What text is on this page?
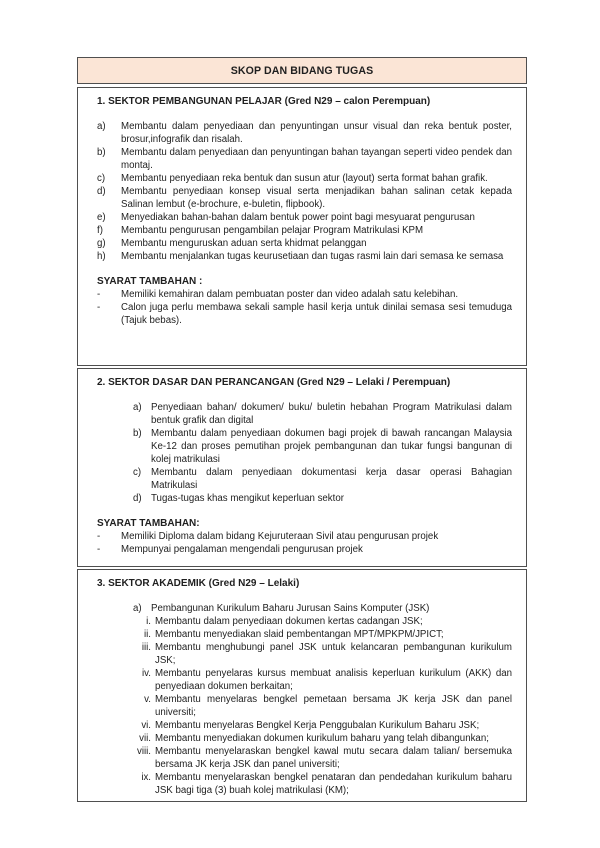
SKOP DAN BIDANG TUGAS
1. SEKTOR PEMBANGUNAN PELAJAR (Gred N29 – calon Perempuan)
a)	Membantu dalam penyediaan dan penyuntingan unsur visual dan reka bentuk poster, brosur,infografik dan risalah.
b)	Membantu dalam penyediaan dan penyuntingan bahan tayangan seperti video pendek dan montaj.
c)	Membantu penyediaan reka bentuk dan susun atur (layout) serta format bahan grafik.
d)	Membantu penyediaan konsep visual serta menjadikan bahan salinan cetak kepada Salinan lembut (e-brochure, e-buletin, flipbook).
e)	Menyediakan bahan-bahan dalam bentuk power point bagi mesyuarat pengurusan
f)	Membantu pengurusan pengambilan pelajar Program Matrikulasi KPM
g)	Membantu menguruskan aduan serta khidmat pelanggan
h)	Membantu menjalankan tugas keurusetiaan dan tugas rasmi lain dari semasa ke semasa
SYARAT TAMBAHAN :
-	Memiliki kemahiran dalam pembuatan poster dan video adalah satu kelebihan.
-	Calon juga perlu membawa sekali sample hasil kerja untuk dinilai semasa sesi temuduga (Tajuk bebas).
2. SEKTOR DASAR DAN PERANCANGAN (Gred N29 – Lelaki / Perempuan)
a) Penyediaan bahan/ dokumen/ buku/ buletin hebahan Program Matrikulasi dalam bentuk grafik dan digital
b) Membantu dalam penyediaan dokumen bagi projek di bawah rancangan Malaysia Ke-12 dan proses pemutihan projek pembangunan dan tukar fungsi bangunan di kolej matrikulasi
c)	Membantu dalam penyediaan dokumentasi kerja dasar operasi Bahagian Matrikulasi
d) Tugas-tugas khas mengikut keperluan sektor
SYARAT TAMBAHAN:
-	Memiliki Diploma dalam bidang Kejuruteraan Sivil atau pengurusan projek
-	Mempunyai pengalaman mengendali pengurusan projek
3. SEKTOR AKADEMIK (Gred N29 – Lelaki)
a) Pembangunan Kurikulum Baharu Jurusan Sains Komputer (JSK)
i. Membantu dalam penyediaan dokumen kertas cadangan JSK;
ii. Membantu menyediakan slaid pembentangan MPT/MPKPM/JPICT;
iii. Membantu menghubungi panel JSK untuk kelancaran pembangunan kurikulum JSK;
iv. Membantu penyelaras kursus membuat analisis keperluan kurikulum (AKK) dan penyediaan dokumen berkaitan;
v. Membantu menyelaras bengkel pemetaan bersama JK kerja JSK dan panel universiti;
vi. Membantu menyelaras Bengkel Kerja Penggubalan Kurikulum Baharu JSK;
vii. Membantu menyediakan dokumen kurikulum baharu yang telah dibangunkan;
viii. Membantu menyelaraskan bengkel kawal mutu secara dalam talian/ bersemuka bersama JK kerja JSK dan panel universiti;
ix. Membantu menyelaraskan bengkel penataran dan pendedahan kurikulum baharu JSK bagi tiga (3) buah kolej matrikulasi (KM);
